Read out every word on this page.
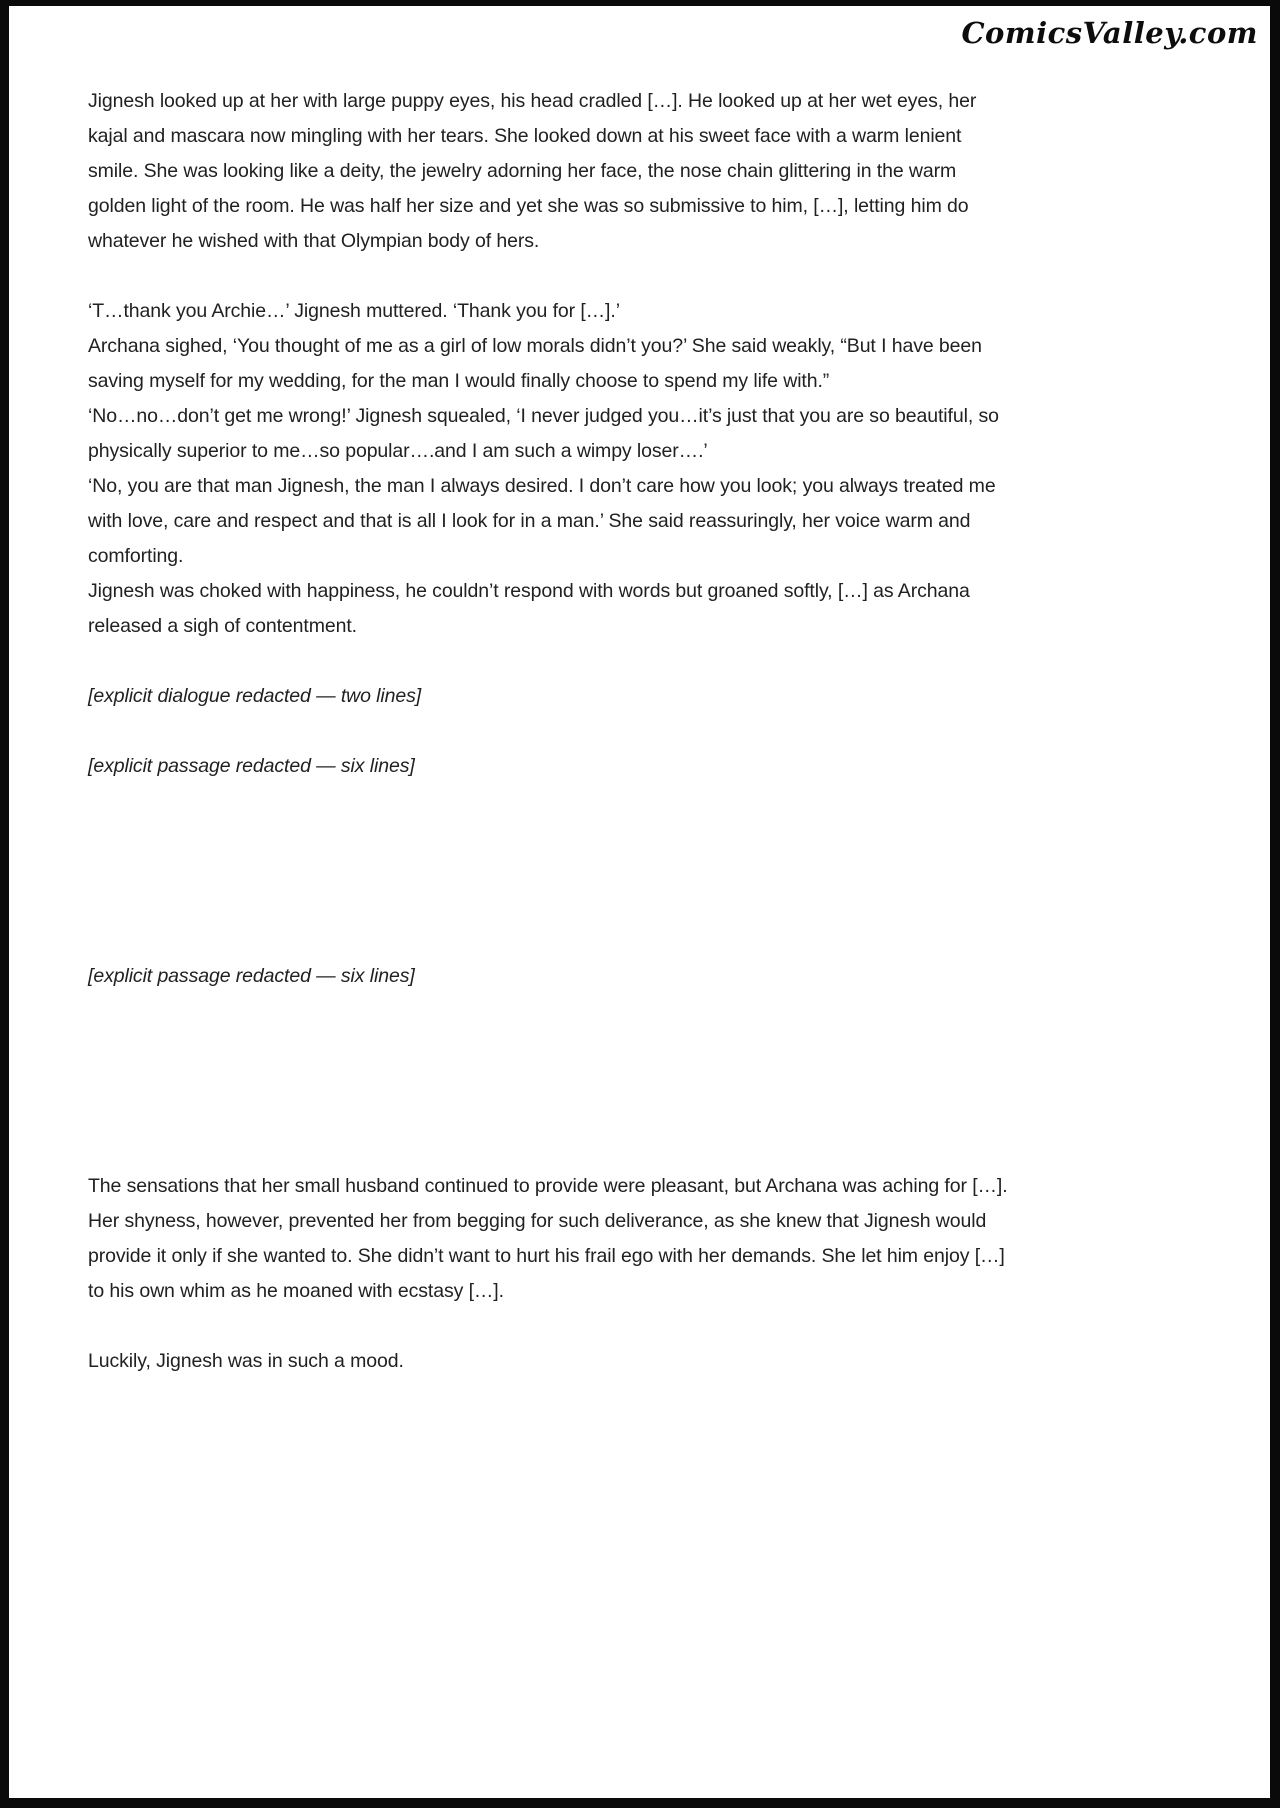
ComicsValley.com

Jignesh looked up at her with large puppy eyes, his head cradled […]. He looked up at her wet eyes, her kajal and mascara now mingling with her tears. She looked down at his sweet face with a warm lenient smile. She was looking like a deity, the jewelry adorning her face, the nose chain glittering in the warm golden light of the room. He was half her size and yet she was so submissive to him, […], letting him do whatever he wished with that Olympian body of hers.

‘T…thank you Archie…’ Jignesh muttered. ‘Thank you for […].’

Archana sighed, ‘You thought of me as a girl of low morals didn’t you?’ She said weakly, “But I have been saving myself for my wedding, for the man I would finally choose to spend my life with.”

‘No…no…don’t get me wrong!’ Jignesh squealed, ‘I never judged you…it’s just that you are so beautiful, so physically superior to me…so popular….and I am such a wimpy loser….’

‘No, you are that man Jignesh, the man I always desired. I don’t care how you look; you always treated me with love, care and respect and that is all I look for in a man.’ She said reassuringly, her voice warm and comforting.

Jignesh was choked with happiness, he couldn’t respond with words but groaned softly, […] as Archana released a sigh of contentment.

[explicit dialogue redacted — two lines]

[explicit passage redacted — six lines]

[explicit passage redacted — six lines]

The sensations that her small husband continued to provide were pleasant, but Archana was aching for […]. Her shyness, however, prevented her from begging for such deliverance, as she knew that Jignesh would provide it only if she wanted to. She didn’t want to hurt his frail ego with her demands. She let him enjoy […] to his own whim as he moaned with ecstasy […].

Luckily, Jignesh was in such a mood.
